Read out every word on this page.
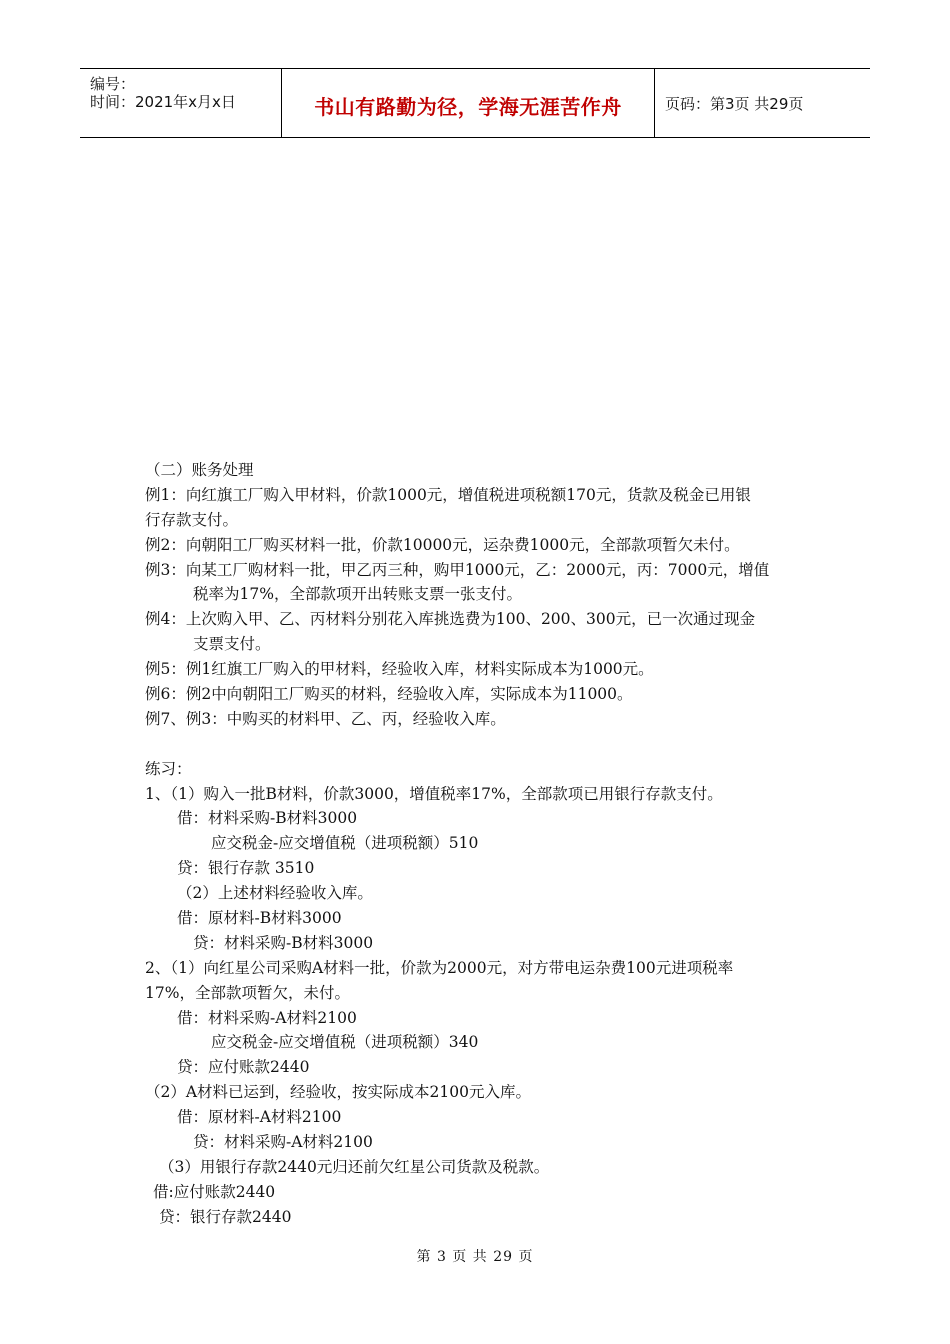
编号：
时间：2021年x月x日	书山有路勤为径，学海无涯苦作舟	页码：第3页 共29页
（二）账务处理
例1：向红旗工厂购入甲材料，价款1000元，增值税进项税额170元，货款及税金已用银
行存款支付。
例2：向朝阳工厂购买材料一批，价款10000元，运杂费1000元，全部款项暂欠未付。
例3：向某工厂购材料一批，甲乙丙三种，购甲1000元，乙：2000元，丙：7000元，增值
税率为17%，全部款项开出转账支票一张支付。
例4：上次购入甲、乙、丙材料分别花入库挑选费为100、200、300元，已一次通过现金
支票支付。
例5：例1红旗工厂购入的甲材料，经验收入库，材料实际成本为1000元。
例6：例2中向朝阳工厂购买的材料，经验收入库，实际成本为11000。
例7、例3：中购买的材料甲、乙、丙，经验收入库。
练习：
1、（1）购入一批B材料，价款3000，增值税率17%，全部款项已用银行存款支付。
借：材料采购-B材料3000
应交税金-应交增值税（进项税额）510
贷：银行存款 3510
（2）上述材料经验收入库。
借：原材料-B材料3000
贷：材料采购-B材料3000
2、（1）向红星公司采购A材料一批，价款为2000元，对方带电运杂费100元进项税率
17%，全部款项暂欠，未付。
借：材料采购-A材料2100
应交税金-应交增值税（进项税额）340
贷：应付账款2440
（2）A材料已运到，经验收，按实际成本2100元入库。
借：原材料-A材料2100
贷：材料采购-A材料2100
（3）用银行存款2440元归还前欠红星公司货款及税款。
借:应付账款2440
贷：银行存款2440
第 3 页 共 29 页
